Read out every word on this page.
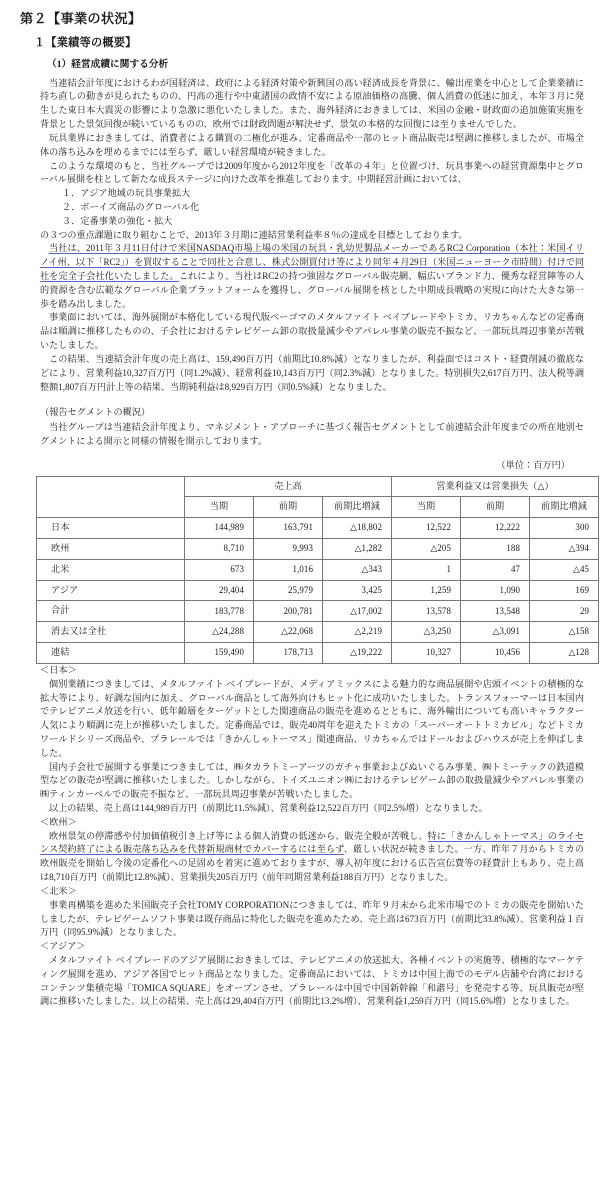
第２【事業の状況】
１【業績等の概要】
（1）経営成績に関する分析

当連結会計年度におけるわが国経済は、政府による経済対策や新興国の高い経済成長を背景に、輸出産業を中心として企業業績に持ち直しの動きが見られたものの、円高の進行や中東諸国の政情不安による原油価格の高騰、個人消費の低迷に加え、本年３月に発生した東日本大震災の影響により急激に悪化いたしました。また、海外経済におきましては、米国の金融・財政面の追加施策実施を背景とした景気回復が続いているものの、欧州では財政問題が解決せず、景気の本格的な回復には至りませんでした。

玩具業界におきましては、消費者による購買の二極化が進み、定番商品や一部のヒット商品販売は堅調に推移しましたが、市場全体の落ち込みを埋めるまでには至らず、厳しい経営環境が続きました。

このような環境のもと、当社グループでは2009年度から2012年度を「改革の４年」と位置づけ、玩具事業への経営資源集中とグローバル展開を柱として新たな成長ステージに向けた改革を推進しております。中期経営計画においては、

１．アジア地域の玩具事業拡大
２．ボーイズ商品のグローバル化
３．定番事業の強化・拡大

の３つの重点課題に取り組むことで、2013年３月期に連結営業利益率８％の達成を目標としております。

当社は、2011年３月11日付けで米国NASDAQ市場上場の米国の玩具・乳幼児製品メーカーであるRC2 Corporation（本社：米国イリノイ州、以下「RC2」）を買収することで同社と合意し、株式公開買付け等により同年４月29日（米国ニューヨーク市時間）付けで同社を完全子会社化いたしました。これにより、当社はRC2の持つ強固なグローバル販売網、幅広いブランド力、優秀な経営陣等の人的資源を含む広範なグローバル企業プラットフォームを獲得し、グローバル展開を核とした中期成長戦略の実現に向けた大きな第一歩を踏み出しました。

事業面においては、海外展開が本格化している現代版ベーゴマのメタルファイト ベイブレードやトミカ、リカちゃんなどの定番商品は順調に推移したものの、子会社におけるテレビゲーム卸の取扱量減少やアパレル事業の販売不振など、一部玩具周辺事業が苦戦いたしました。

この結果、当連結会計年度の売上高は、159,490百万円（前期比10.8%減）となりましたが、利益面ではコスト・経費削減の徹底などにより、営業利益10,327百万円（同1.2%減）、経常利益10,143百万円（同2.3%減）となりました。特別損失2,617百万円、法人税等調整額1,807百万円計上等の結果、当期純利益は8,929百万円（同0.5%減）となりました。

（報告セグメントの概況）

当社グループは当連結会計年度より、マネジメント・アプローチに基づく報告セグメントとして前連結会計年度までの所在地別セグメントによる開示と同様の情報を開示しております。

（単位：百万円）
	売上高			営業利益又は営業損失（△）		
	当期	前期	前期比増減	当期	前期	前期比増減
日本	144,989	163,791	△18,802	12,522	12,222	300
欧州	8,710	9,993	△1,282	△205	188	△394
北米	673	1,016	△343	1	47	△45
アジア	29,404	25,979	3,425	1,259	1,090	169
合計	183,778	200,781	△17,002	13,578	13,548	29
消去又は全社	△24,288	△22,068	△2,219	△3,250	△3,091	△158
連結	159,490	178,713	△19,222	10,327	10,456	△128
＜日本＞

個別業績につきましては、メタルファイト ベイブレードが、メディアミックスによる魅力的な商品展開や店頭イベントの積極的な拡大等により、好調な国内に加え、グローバル商品として海外向けもヒット化に成功いたしました。トランスフォーマーは日本国内でテレビアニメ放送を行い、低年齢層をターゲットとした関連商品の販売を進めるとともに、海外輸出についても高いキャラクター人気により順調に売上が推移いたしました。定番商品では、販売40周年を迎えたトミカの「スーパーオートトミカビル」などトミカワールドシリーズ商品や、プラレールでは「きかんしゃトーマス」関連商品、リカちゃんではドールおよびハウスが売上を伸ばしました。

国内子会社で展開する事業につきましては、㈱タカラトミーアーツのガチャ事業およびぬいぐるみ事業、㈱トミーテックの鉄道模型などの販売が堅調に推移いたしました。しかしながら、トイズユニオン㈱におけるテレビゲーム卸の取扱量減少やアパレル事業の㈱ティンカーベルでの販売不振など、一部玩具周辺事業が苦戦いたしました。

以上の結果、売上高は144,989百万円（前期比11.5%減）、営業利益12,522百万円（同2.5%増）となりました。

＜欧州＞

欧州景気の停滞感や付加価値税引き上げ等による個人消費の低迷から、販売全般が苦戦し、特に「きかんしゃトーマス」のライセンス契約終了による販売落ち込みを代替新規商材でカバーするには至らず、厳しい状況が続きました。一方、昨年７月からトミカの欧州販売を開始し今後の定番化への足固めを着実に進めておりますが、導入初年度における広告宣伝費等の経費計上もあり、売上高は8,710百万円（前期比12.8%減）、営業損失205百万円（前年同期営業利益188百万円）となりました。

＜北米＞

事業再構築を進めた米国販売子会社TOMY CORPORATIONにつきましては、昨年９月末から北米市場でのトミカの販売を開始いたしましたが、テレビゲームソフト事業は既存商品に特化した販売を進めたため、売上高は673百万円（前期比33.8%減）、営業利益１百万円（同95.9%減）となりました。

＜アジア＞

メタルファイト ベイブレードのアジア展開におきましては、テレビアニメの放送拡大、各種イベントの実施等、積極的なマーケティング展開を進め、アジア各国でヒット商品となりました。定番商品においては、トミカは中国上海でのモデル店舗や台湾におけるコンテンツ集積売場「TOMICA SQUARE」をオープンさせ、プラレールは中国で中国新幹線「和諧号」を発売する等、玩具販売が堅調に推移いたしました。以上の結果、売上高は29,404百万円（前期比13.2%増）、営業利益1,259百万円（同15.6%増）となりました。
